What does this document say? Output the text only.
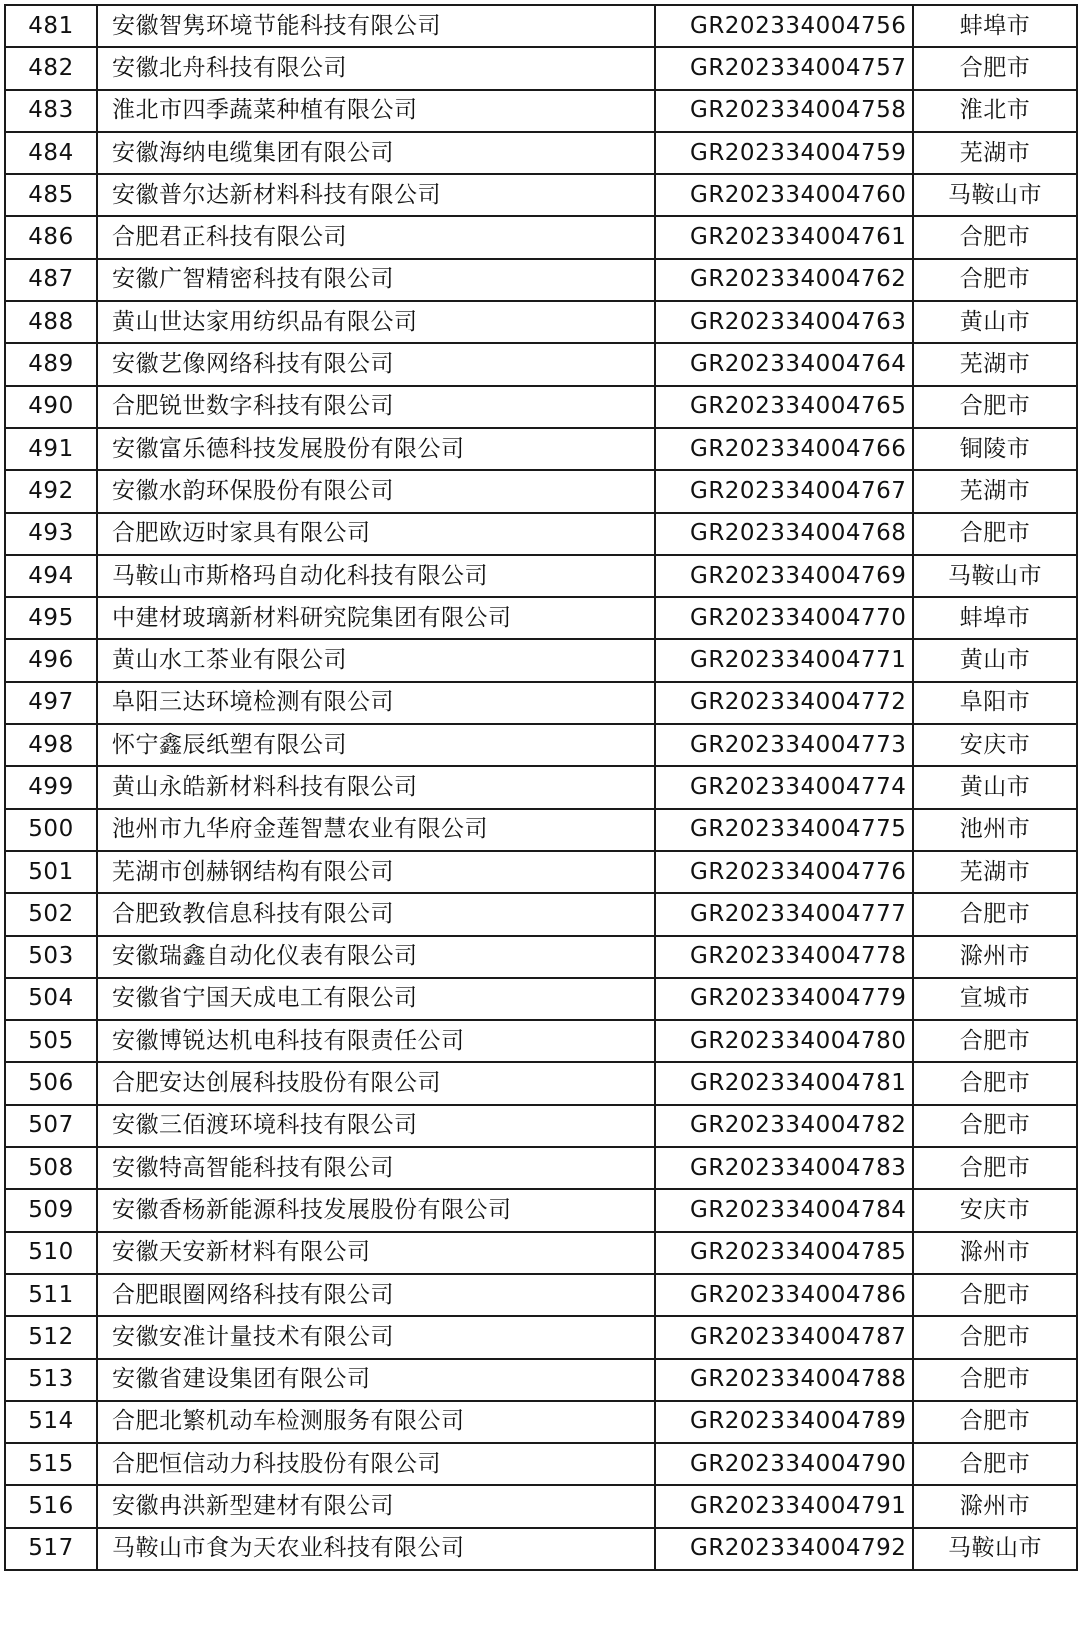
481	安徽智隽环境节能科技有限公司	GR202334004756	蚌埠市
482	安徽北舟科技有限公司	GR202334004757	合肥市
483	淮北市四季蔬菜种植有限公司	GR202334004758	淮北市
484	安徽海纳电缆集团有限公司	GR202334004759	芜湖市
485	安徽普尔达新材料科技有限公司	GR202334004760	马鞍山市
486	合肥君正科技有限公司	GR202334004761	合肥市
487	安徽广智精密科技有限公司	GR202334004762	合肥市
488	黄山世达家用纺织品有限公司	GR202334004763	黄山市
489	安徽艺像网络科技有限公司	GR202334004764	芜湖市
490	合肥锐世数字科技有限公司	GR202334004765	合肥市
491	安徽富乐德科技发展股份有限公司	GR202334004766	铜陵市
492	安徽水韵环保股份有限公司	GR202334004767	芜湖市
493	合肥欧迈时家具有限公司	GR202334004768	合肥市
494	马鞍山市斯格玛自动化科技有限公司	GR202334004769	马鞍山市
495	中建材玻璃新材料研究院集团有限公司	GR202334004770	蚌埠市
496	黄山水工茶业有限公司	GR202334004771	黄山市
497	阜阳三达环境检测有限公司	GR202334004772	阜阳市
498	怀宁鑫辰纸塑有限公司	GR202334004773	安庆市
499	黄山永皓新材料科技有限公司	GR202334004774	黄山市
500	池州市九华府金莲智慧农业有限公司	GR202334004775	池州市
501	芜湖市创赫钢结构有限公司	GR202334004776	芜湖市
502	合肥致教信息科技有限公司	GR202334004777	合肥市
503	安徽瑞鑫自动化仪表有限公司	GR202334004778	滁州市
504	安徽省宁国天成电工有限公司	GR202334004779	宣城市
505	安徽博锐达机电科技有限责任公司	GR202334004780	合肥市
506	合肥安达创展科技股份有限公司	GR202334004781	合肥市
507	安徽三佰渡环境科技有限公司	GR202334004782	合肥市
508	安徽特高智能科技有限公司	GR202334004783	合肥市
509	安徽香杨新能源科技发展股份有限公司	GR202334004784	安庆市
510	安徽天安新材料有限公司	GR202334004785	滁州市
511	合肥眼圈网络科技有限公司	GR202334004786	合肥市
512	安徽安准计量技术有限公司	GR202334004787	合肥市
513	安徽省建设集团有限公司	GR202334004788	合肥市
514	合肥北繁机动车检测服务有限公司	GR202334004789	合肥市
515	合肥恒信动力科技股份有限公司	GR202334004790	合肥市
516	安徽冉洪新型建材有限公司	GR202334004791	滁州市
517	马鞍山市食为天农业科技有限公司	GR202334004792	马鞍山市
